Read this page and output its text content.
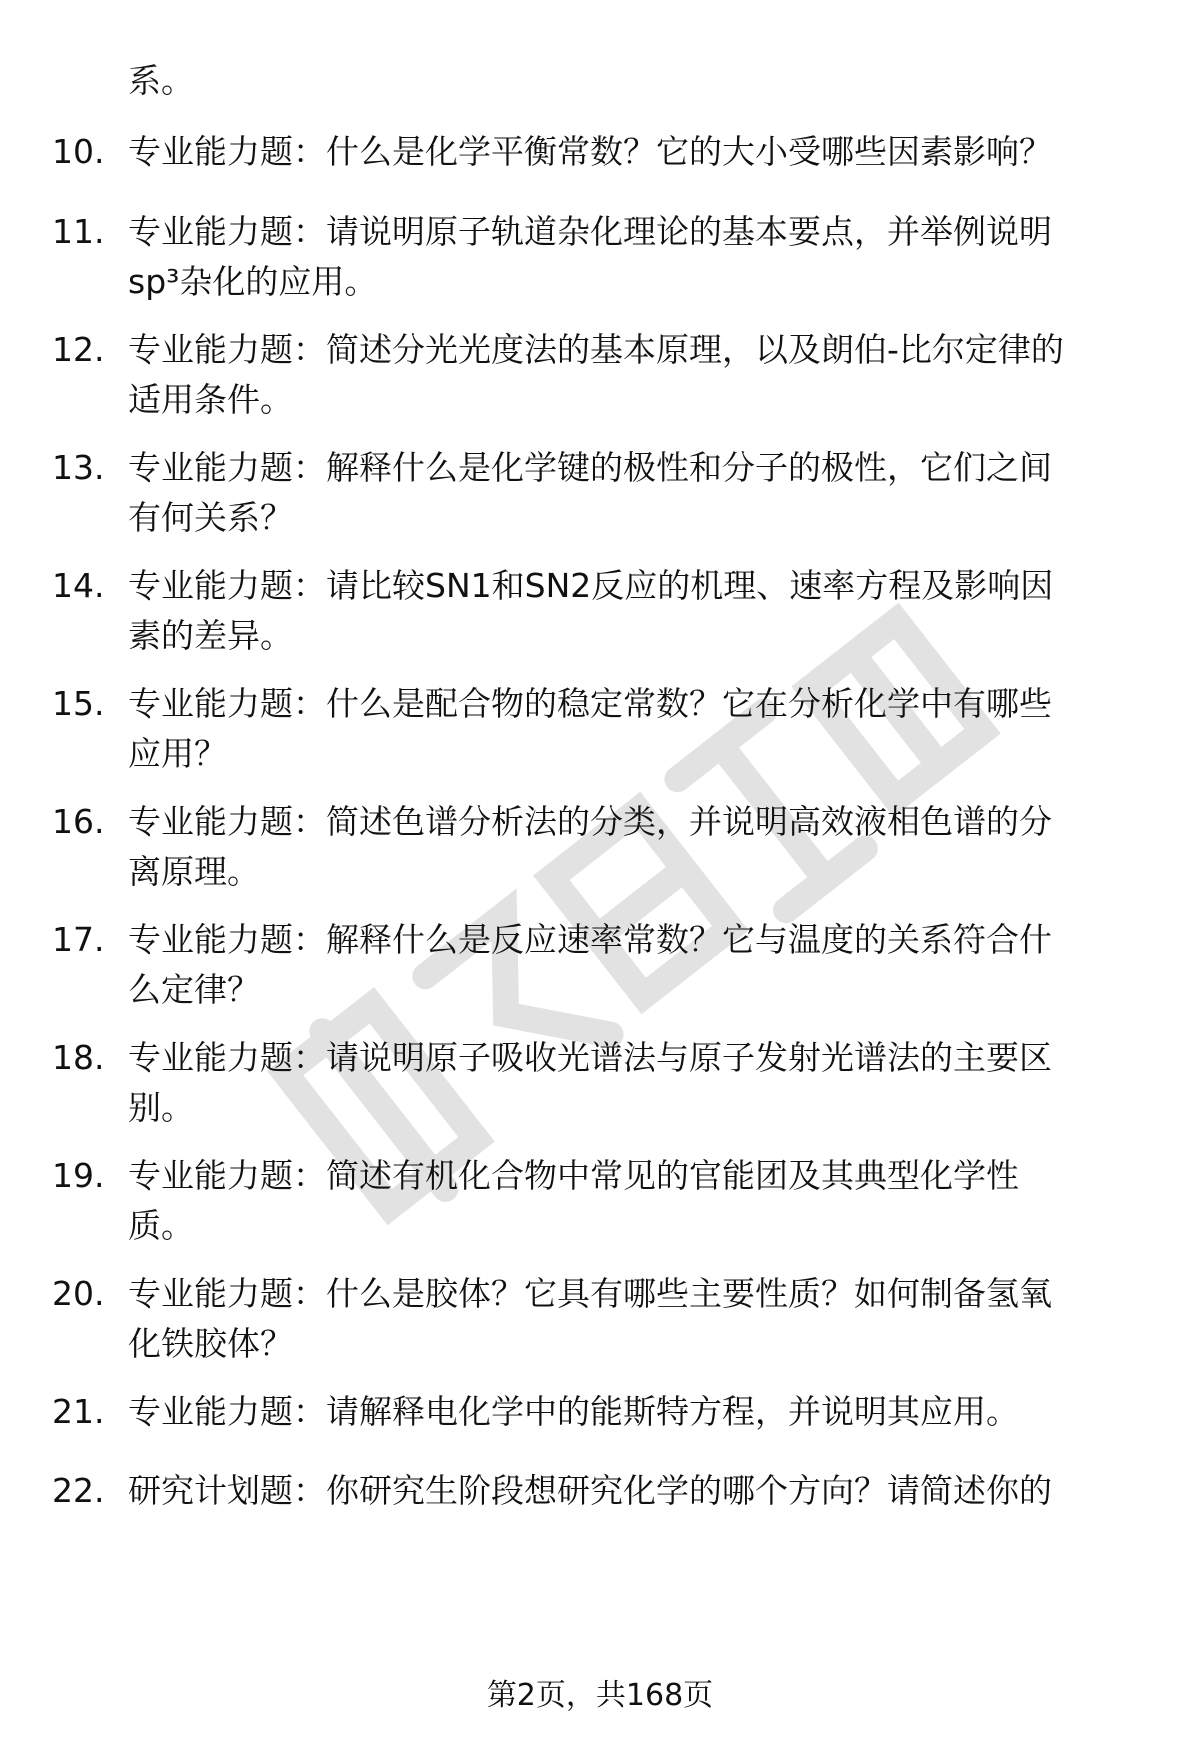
系。

10. 专业能力题：什么是化学平衡常数？它的大小受哪些因素影响？

11. 专业能力题：请说明原子轨道杂化理论的基本要点，并举例说明
sp³杂化的应用。

12. 专业能力题：简述分光光度法的基本原理，以及朗伯-比尔定律的
适用条件。

13. 专业能力题：解释什么是化学键的极性和分子的极性，它们之间
有何关系？

14. 专业能力题：请比较SN1和SN2反应的机理、速率方程及影响因
素的差异。

15. 专业能力题：什么是配合物的稳定常数？它在分析化学中有哪些
应用？

16. 专业能力题：简述色谱分析法的分类，并说明高效液相色谱的分
离原理。

17. 专业能力题：解释什么是反应速率常数？它与温度的关系符合什
么定律？

18. 专业能力题：请说明原子吸收光谱法与原子发射光谱法的主要区
别。

19. 专业能力题：简述有机化合物中常见的官能团及其典型化学性
质。

20. 专业能力题：什么是胶体？它具有哪些主要性质？如何制备氢氧
化铁胶体？

21. 专业能力题：请解释电化学中的能斯特方程，并说明其应用。

22. 研究计划题：你研究生阶段想研究化学的哪个方向？请简述你的

第2页，共168页
